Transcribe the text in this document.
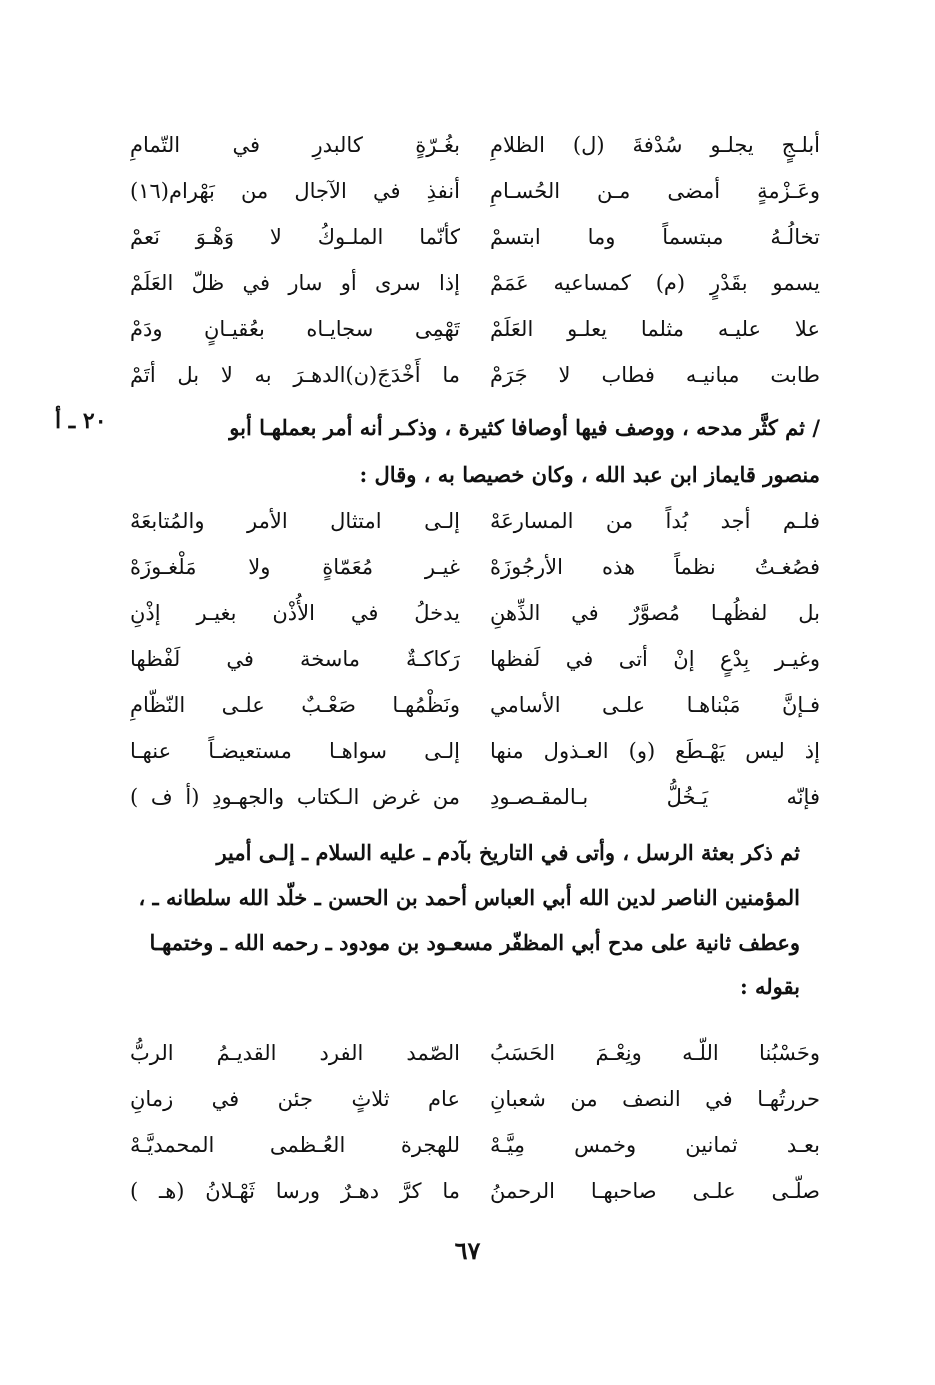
أبلـجٍ يجلـو سُدْفةَ (ل) الظلامِ
بغُـرّةٍ كالبدرِ في التّمامِ
وعَـزْمةٍ أمضى مـن الحُسـامِ
أنفذِ في الآجال من بَهْرام(١٦)
تخالُـهُ مبتسماً وما ابتسمْ
كأنّما الملـوكُ لا وَهْـوَ نَعمْ
يسمو بقَدْرٍ (م) كمساعيه عَمَمْ
إذا سرى أو سار في ظلّ العَلَمْ
علا عليـه مثلما يعلـو العَلَمْ
تَهْمِى سجايـاه بعُقيـانٍ ودَمْ
طابت مبانيـه فطاب لا جَرَمْ
ما أَخْدَجَ(ن)الدهـرَ به لا بل أتَمْ
٢٠ ـ أ	/ ثم كثَّر مدحه ، ووصف فيها أوصافا كثيرة ، وذكـر أنه أمر بعملهـا أبو
منصور قايماز ابن عبد الله ، وكان خصيصا به ، وقال :
فلـم أجد بُداً من المسارعَهْ
إلـى امتثال الأمر والمُتابعَهْ
فصُغـتُ نظماً هذه الأرجُوزَهْ
غيـر مُعَمّاةٍ ولا مَلْغـوزَهْ
بل لفظُهـا مُصوَّرٌ في الذِّهنِ
يدخلُ في الأُذْن بغيـر إذْنِ
وغيـر بِدْعٍ إنْ أتى في لَفظها
رَكاكـةٌ ماسخة في لَفْظها
فـإنَّ مَبْناهـا علـى الأسامي
ونَظْمُهـا صَعْـبٌ علـى النّظّامِ
إذ ليس يَهْـطَع (و) العـذول منها
إلـى سواهـا مستعيضـاً عنهـا
فإنّه يَـخُلُّ بـالمقـصـودِ
من غرض الـكتاب والجهـودِ (أ ف )
ثم ذكر بعثة الرسل ، وأتى في التاريخ بآدم ـ عليه السلام ـ إلـى أمير
المؤمنين الناصر لدين الله أبي العباس أحمد بن الحسن ـ خلّد الله سلطانه ـ ،
وعطف ثانية على مدح أبي المظفّر مسعـود بن مودود ـ رحمه الله ـ وختمهـا
بقوله :
وحَسْبُنا اللّـه ونِعْـمَ الحَسَبُ
الصّمد الفرد القديـمُ الربُّ
حررتُهـا في النصف من شعبانِ
عام ثلاثٍ جئن في زمانِ
بعـد ثمانين وخمس مِيَّـهْ
للهجرة العُـظمى المحمديَّـهْ
صلّـى علـى صاحبهـا الرحمنُ
ما كرَّ دهـرٌ ورسا ثَهْـلانُ (هـ )
٦٧
